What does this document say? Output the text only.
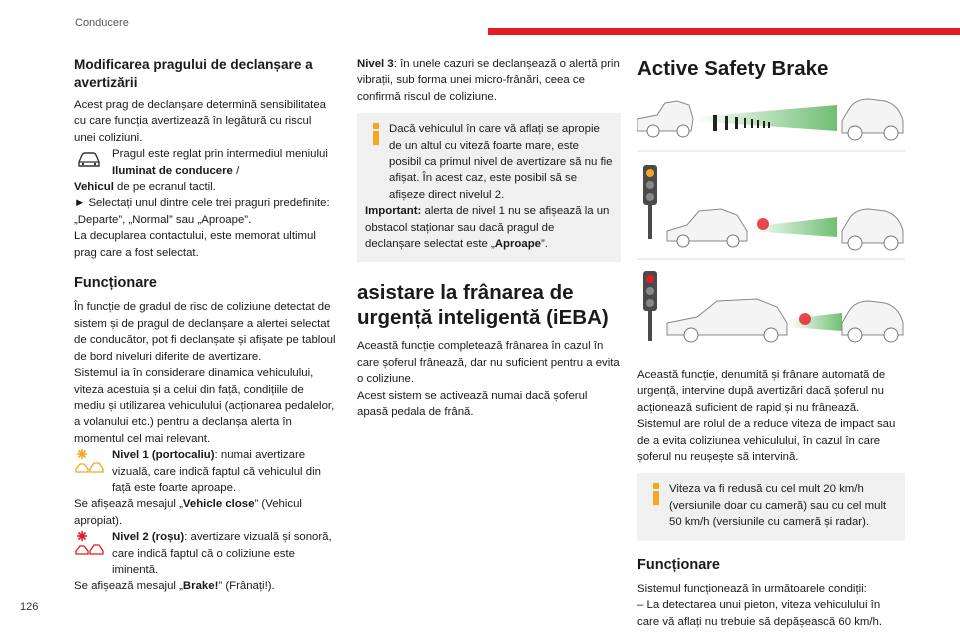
Conducere
126
Modificarea pragului de declanșare a avertizării

Acest prag de declanșare determină sensibilitatea cu care funcția avertizează în legătură cu riscul unei coliziuni.

Pragul este reglat prin intermediul meniului Iluminat de conducere /

Vehicul de pe ecranul tactil.

► Selectați unul dintre cele trei praguri predefinite: „Departe”, „Normal” sau „Aproape”.

La decuplarea contactului, este memorat ultimul prag care a fost selectat.

Funcționare

În funcție de gradul de risc de coliziune detectat de sistem și de pragul de declanșare a alertei selectat de conducător, pot fi declanșate și afișate pe tabloul de bord niveluri diferite de avertizare.

Sistemul ia în considerare dinamica vehiculului, viteza acestuia și a celui din față, condițiile de mediu și utilizarea vehiculului (acționarea pedalelor, a volanului etc.) pentru a declanșa alerta în momentul cel mai relevant.

Nivel 1 (portocaliu): numai avertizare vizuală, care indică faptul că vehiculul din față este foarte aproape.

Se afișează mesajul „Vehicle close” (Vehicul apropiat).

Nivel 2 (roșu): avertizare vizuală și sonoră, care indică faptul că o coliziune este iminentă.

Se afișează mesajul „Brake!” (Frânați!).

Nivel 3: în unele cazuri se declanșează o alertă prin vibrații, sub forma unei micro-frânări, ceea ce confirmă riscul de coliziune.

Dacă vehiculul în care vă aflați se apropie de un altul cu viteză foarte mare, este posibil ca primul nivel de avertizare să nu fie afișat. În acest caz, este posibil să se afișeze direct nivelul 2.

Important: alerta de nivel 1 nu se afișează la un obstacol staționar sau dacă pragul de declanșare selectat este „Aproape”.

asistare la frânarea de urgență inteligentă (iEBA)

Această funcție completează frânarea în cazul în care șoferul frânează, dar nu suficient pentru a evita o coliziune.

Acest sistem se activează numai dacă șoferul apasă pedala de frână.

Active Safety Brake

Această funcție, denumită și frânare automată de urgență, intervine după avertizări dacă șoferul nu acționează suficient de rapid și nu frânează.

Sistemul are rolul de a reduce viteza de impact sau de a evita coliziunea vehiculului, în cazul în care șoferul nu reușește să intervină.

Viteza va fi redusă cu cel mult 20 km/h (versiunile doar cu cameră) sau cu cel mult 50 km/h (versiunile cu cameră și radar).

Funcționare

Sistemul funcționează în următoarele condiții:

– La detectarea unui pieton, viteza vehiculului în care vă aflați nu trebuie să depășească 60 km/h.
